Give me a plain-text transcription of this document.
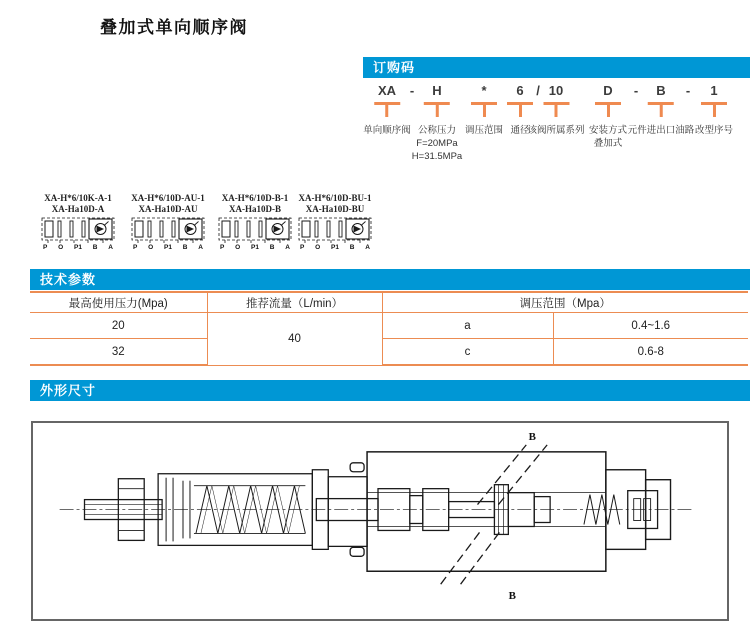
叠加式单向顺序阀
订购码
-	/	-	-
XA
单向顺序阀
H
公称压力
F=20MPa
H=31.5MPa
*
调压范围
6
通径
10
该阀所属系列
D
安装方式
叠加式
B
元件进出口油路
1
改型序号
XA-H*6/10K-A-1
XA-Ha10D-A
P O P1 B A
XA-H*6/10D-AU-1
XA-Ha10D-AU
P O P1 B A
XA-H*6/10D-B-1
XA-Ha10D-B
P O P1 B A
XA-H*6/10D-BU-1
XA-Ha10D-BU
P O P1 B A
技术参数
最高使用压力(Mpa)	推荐流量（L/min）	调压范围（Mpa）	
20	40	a	0.4~1.6
32		c	0.6-8
外形尺寸
B
B
